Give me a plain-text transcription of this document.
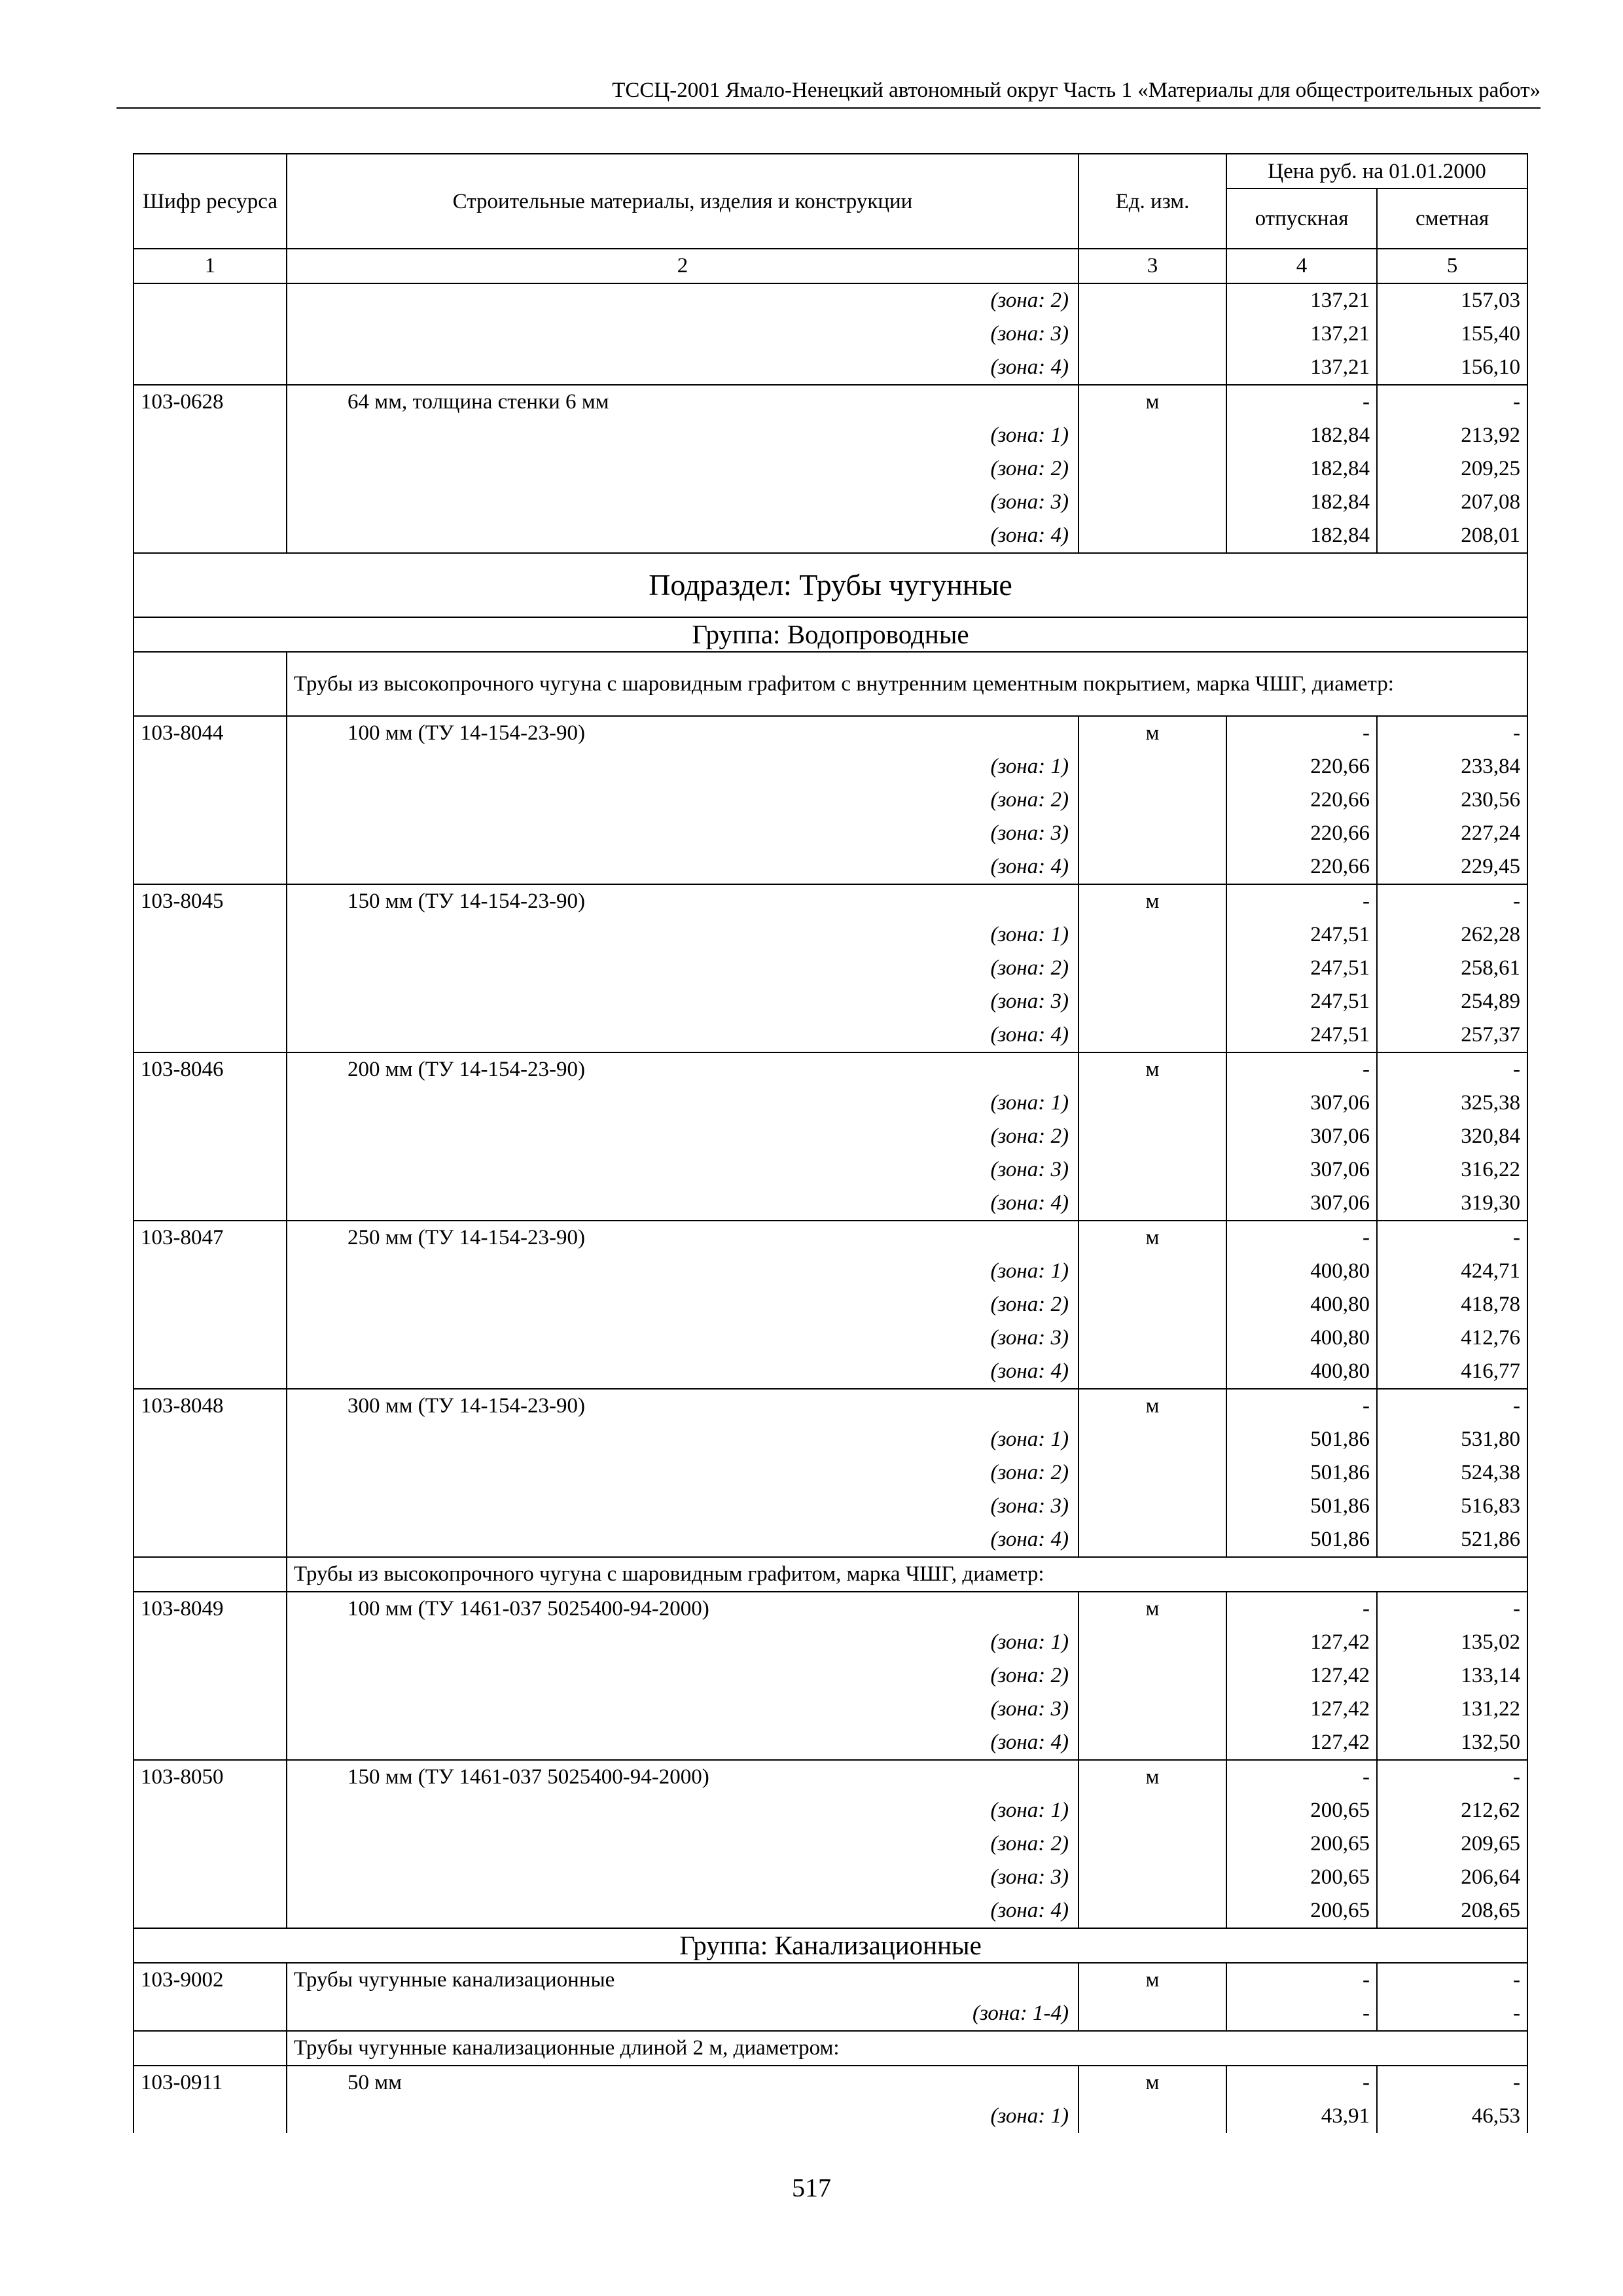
ТССЦ-2001 Ямало-Ненецкий автономный округ Часть 1 «Материалы для общестроительных работ»
Шифр ресурса	Строительные материалы, изделия и конструкции	Ед. изм.	Цена руб. на 01.01.2000	
			отпускная	сметная
1	2	3	4	5
	(зона: 2)		137,21	157,03
	(зона: 3)		137,21	155,40
	(зона: 4)		137,21	156,10
103-0628	64 мм, толщина стенки 6 мм	м	-	-
	(зона: 1)		182,84	213,92
	(зона: 2)		182,84	209,25
	(зона: 3)		182,84	207,08
	(зона: 4)		182,84	208,01
Подраздел: Трубы чугунные				
Группа: Водопроводные				
	Трубы из высокопрочного чугуна с шаровидным графитом с внутренним цементным покрытием, марка ЧШГ, диаметр:			
103-8044	100 мм (ТУ 14-154-23-90)	м	-	-
	(зона: 1)		220,66	233,84
	(зона: 2)		220,66	230,56
	(зона: 3)		220,66	227,24
	(зона: 4)		220,66	229,45
103-8045	150 мм (ТУ 14-154-23-90)	м	-	-
	(зона: 1)		247,51	262,28
	(зона: 2)		247,51	258,61
	(зона: 3)		247,51	254,89
	(зона: 4)		247,51	257,37
103-8046	200 мм (ТУ 14-154-23-90)	м	-	-
	(зона: 1)		307,06	325,38
	(зона: 2)		307,06	320,84
	(зона: 3)		307,06	316,22
	(зона: 4)		307,06	319,30
103-8047	250 мм (ТУ 14-154-23-90)	м	-	-
	(зона: 1)		400,80	424,71
	(зона: 2)		400,80	418,78
	(зона: 3)		400,80	412,76
	(зона: 4)		400,80	416,77
103-8048	300 мм (ТУ 14-154-23-90)	м	-	-
	(зона: 1)		501,86	531,80
	(зона: 2)		501,86	524,38
	(зона: 3)		501,86	516,83
	(зона: 4)		501,86	521,86
	Трубы из высокопрочного чугуна с шаровидным графитом, марка ЧШГ, диаметр:			
103-8049	100 мм (ТУ 1461-037 5025400-94-2000)	м	-	-
	(зона: 1)		127,42	135,02
	(зона: 2)		127,42	133,14
	(зона: 3)		127,42	131,22
	(зона: 4)		127,42	132,50
103-8050	150 мм (ТУ 1461-037 5025400-94-2000)	м	-	-
	(зона: 1)		200,65	212,62
	(зона: 2)		200,65	209,65
	(зона: 3)		200,65	206,64
	(зона: 4)		200,65	208,65
Группа: Канализационные				
103-9002	Трубы чугунные канализационные	м	-	-
	(зона: 1-4)		-	-
	Трубы чугунные канализационные длиной 2 м, диаметром:			
103-0911	50 мм	м	-	-
	(зона: 1)		43,91	46,53
517
